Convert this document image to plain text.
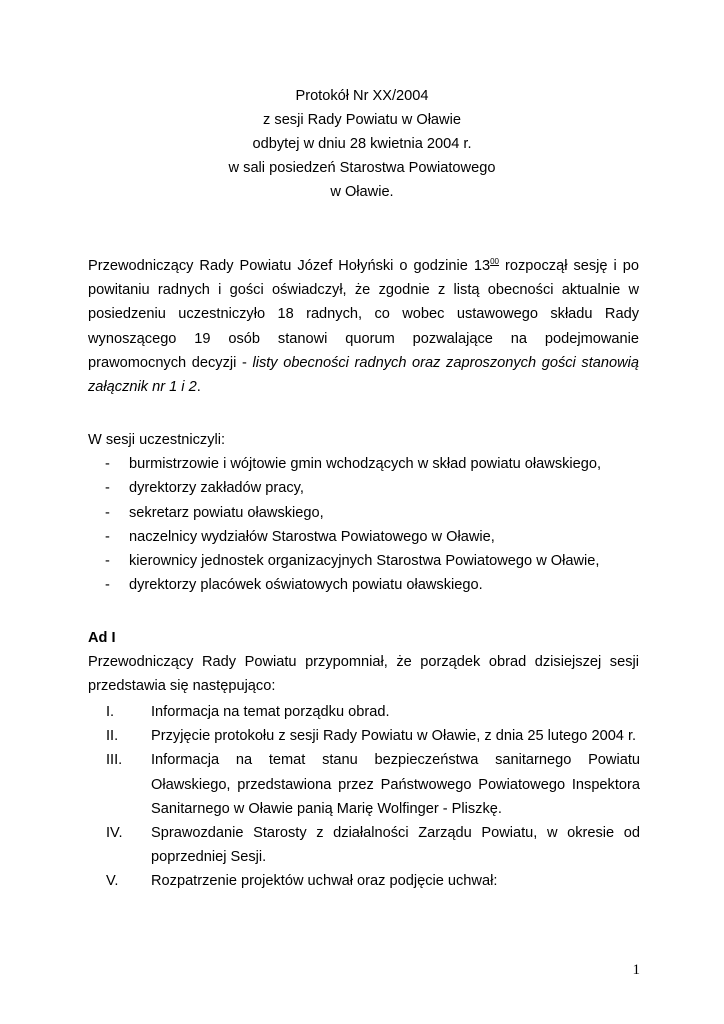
Protokół Nr XX/2004
z sesji Rady Powiatu w Oławie
odbytej w dniu 28 kwietnia 2004 r.
w sali posiedzeń Starostwa Powiatowego
w Oławie.
Przewodniczący Rady Powiatu Józef Hołyński o godzinie $13^{00}$ rozpoczął sesję i po powitaniu radnych i gości oświadczył, że zgodnie z listą obecności aktualnie w posiedzeniu uczestniczyło 18 radnych, co wobec ustawowego składu Rady wynoszącego 19 osób stanowi quorum pozwalające na podejmowanie prawomocnych decyzji - listy obecności radnych oraz zaproszonych gości stanowią załącznik nr 1 i 2.
W sesji uczestniczyli:
- burmistrzowie i wójtowie gmin wchodzących w skład powiatu oławskiego,
- dyrektorzy zakładów pracy,
- sekretarz powiatu oławskiego,
- naczelnicy wydziałów Starostwa Powiatowego w Oławie,
- kierownicy jednostek organizacyjnych Starostwa Powiatowego w Oławie,
- dyrektorzy placówek oświatowych powiatu oławskiego.
Ad I
Przewodniczący Rady Powiatu przypomniał, że porządek obrad dzisiejszej sesji przedstawia się następująco:
I.	Informacja na temat porządku obrad.
II. Przyjęcie protokołu z sesji Rady Powiatu w Oławie, z dnia 25 lutego 2004 r.
III. Informacja na temat stanu bezpieczeństwa sanitarnego Powiatu Oławskiego, przedstawiona przez Państwowego Powiatowego Inspektora Sanitarnego w Oławie panią Marię Wolfinger - Pliszkę.
IV. Sprawozdanie Starosty z działalności Zarządu Powiatu, w okresie od poprzedniej Sesji.
V. Rozpatrzenie projektów uchwał oraz podjęcie uchwał:
1
